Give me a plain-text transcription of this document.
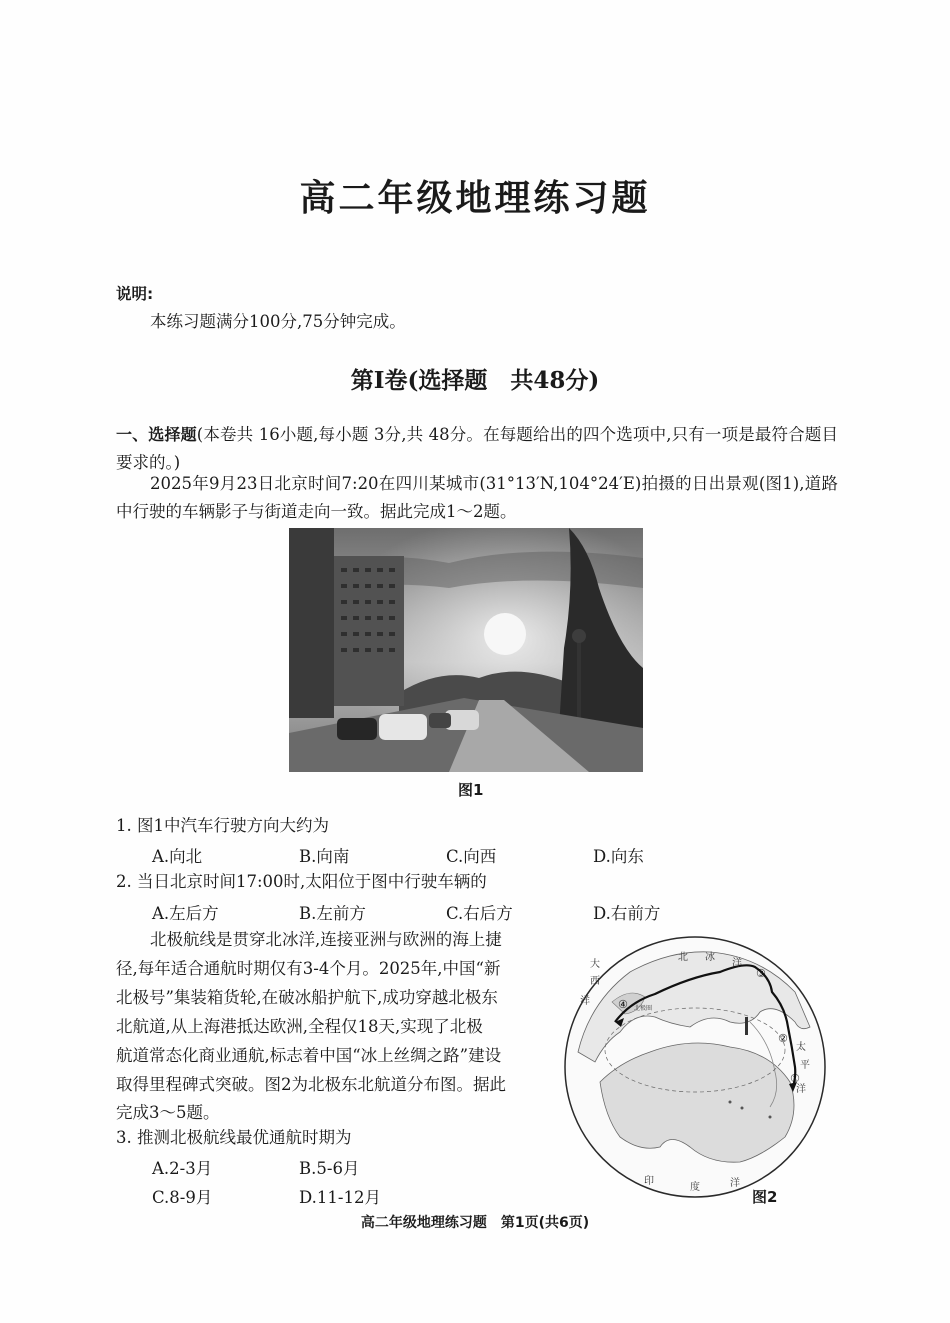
高二年级地理练习题
说明:
本练习题满分100分,75分钟完成。
第Ⅰ卷(选择题　共48分)
一、选择题(本卷共 16小题,每小题 3分,共 48分。在每题给出的四个选项中,只有一项是最符合题目要求的。)
2025年9月23日北京时间7:20在四川某城市(31°13′N,104°24′E)拍摄的日出景观(图1),道路中行驶的车辆影子与街道走向一致。据此完成1～2题。
图1
1. 图1中汽车行驶方向大约为
A.向北	B.向南	C.向西	D.向东
2. 当日北京时间17:00时,太阳位于图中行驶车辆的
A.左后方	B.左前方	C.右后方	D.右前方
北极航线是贯穿北冰洋,连接亚洲与欧洲的海上捷
径,每年适合通航时期仅有3-4个月。2025年,中国“新
北极号”集装箱货轮,在破冰船护航下,成功穿越北极东
北航道,从上海港抵达欧洲,全程仅18天,实现了北极
航道常态化商业通航,标志着中国“冰上丝绸之路”建设
取得里程碑式突破。图2为北极东北航道分布图。据此
完成3～5题。
3. 推测北极航线最优通航时期为
A.2-3月	B.5-6月
C.8-9月	D.11-12月
大
西
洋
北 冰
洋
太
平
洋
印
度	洋
北极圈
①
②
③
④
图2
高二年级地理练习题　第1页(共6页)
